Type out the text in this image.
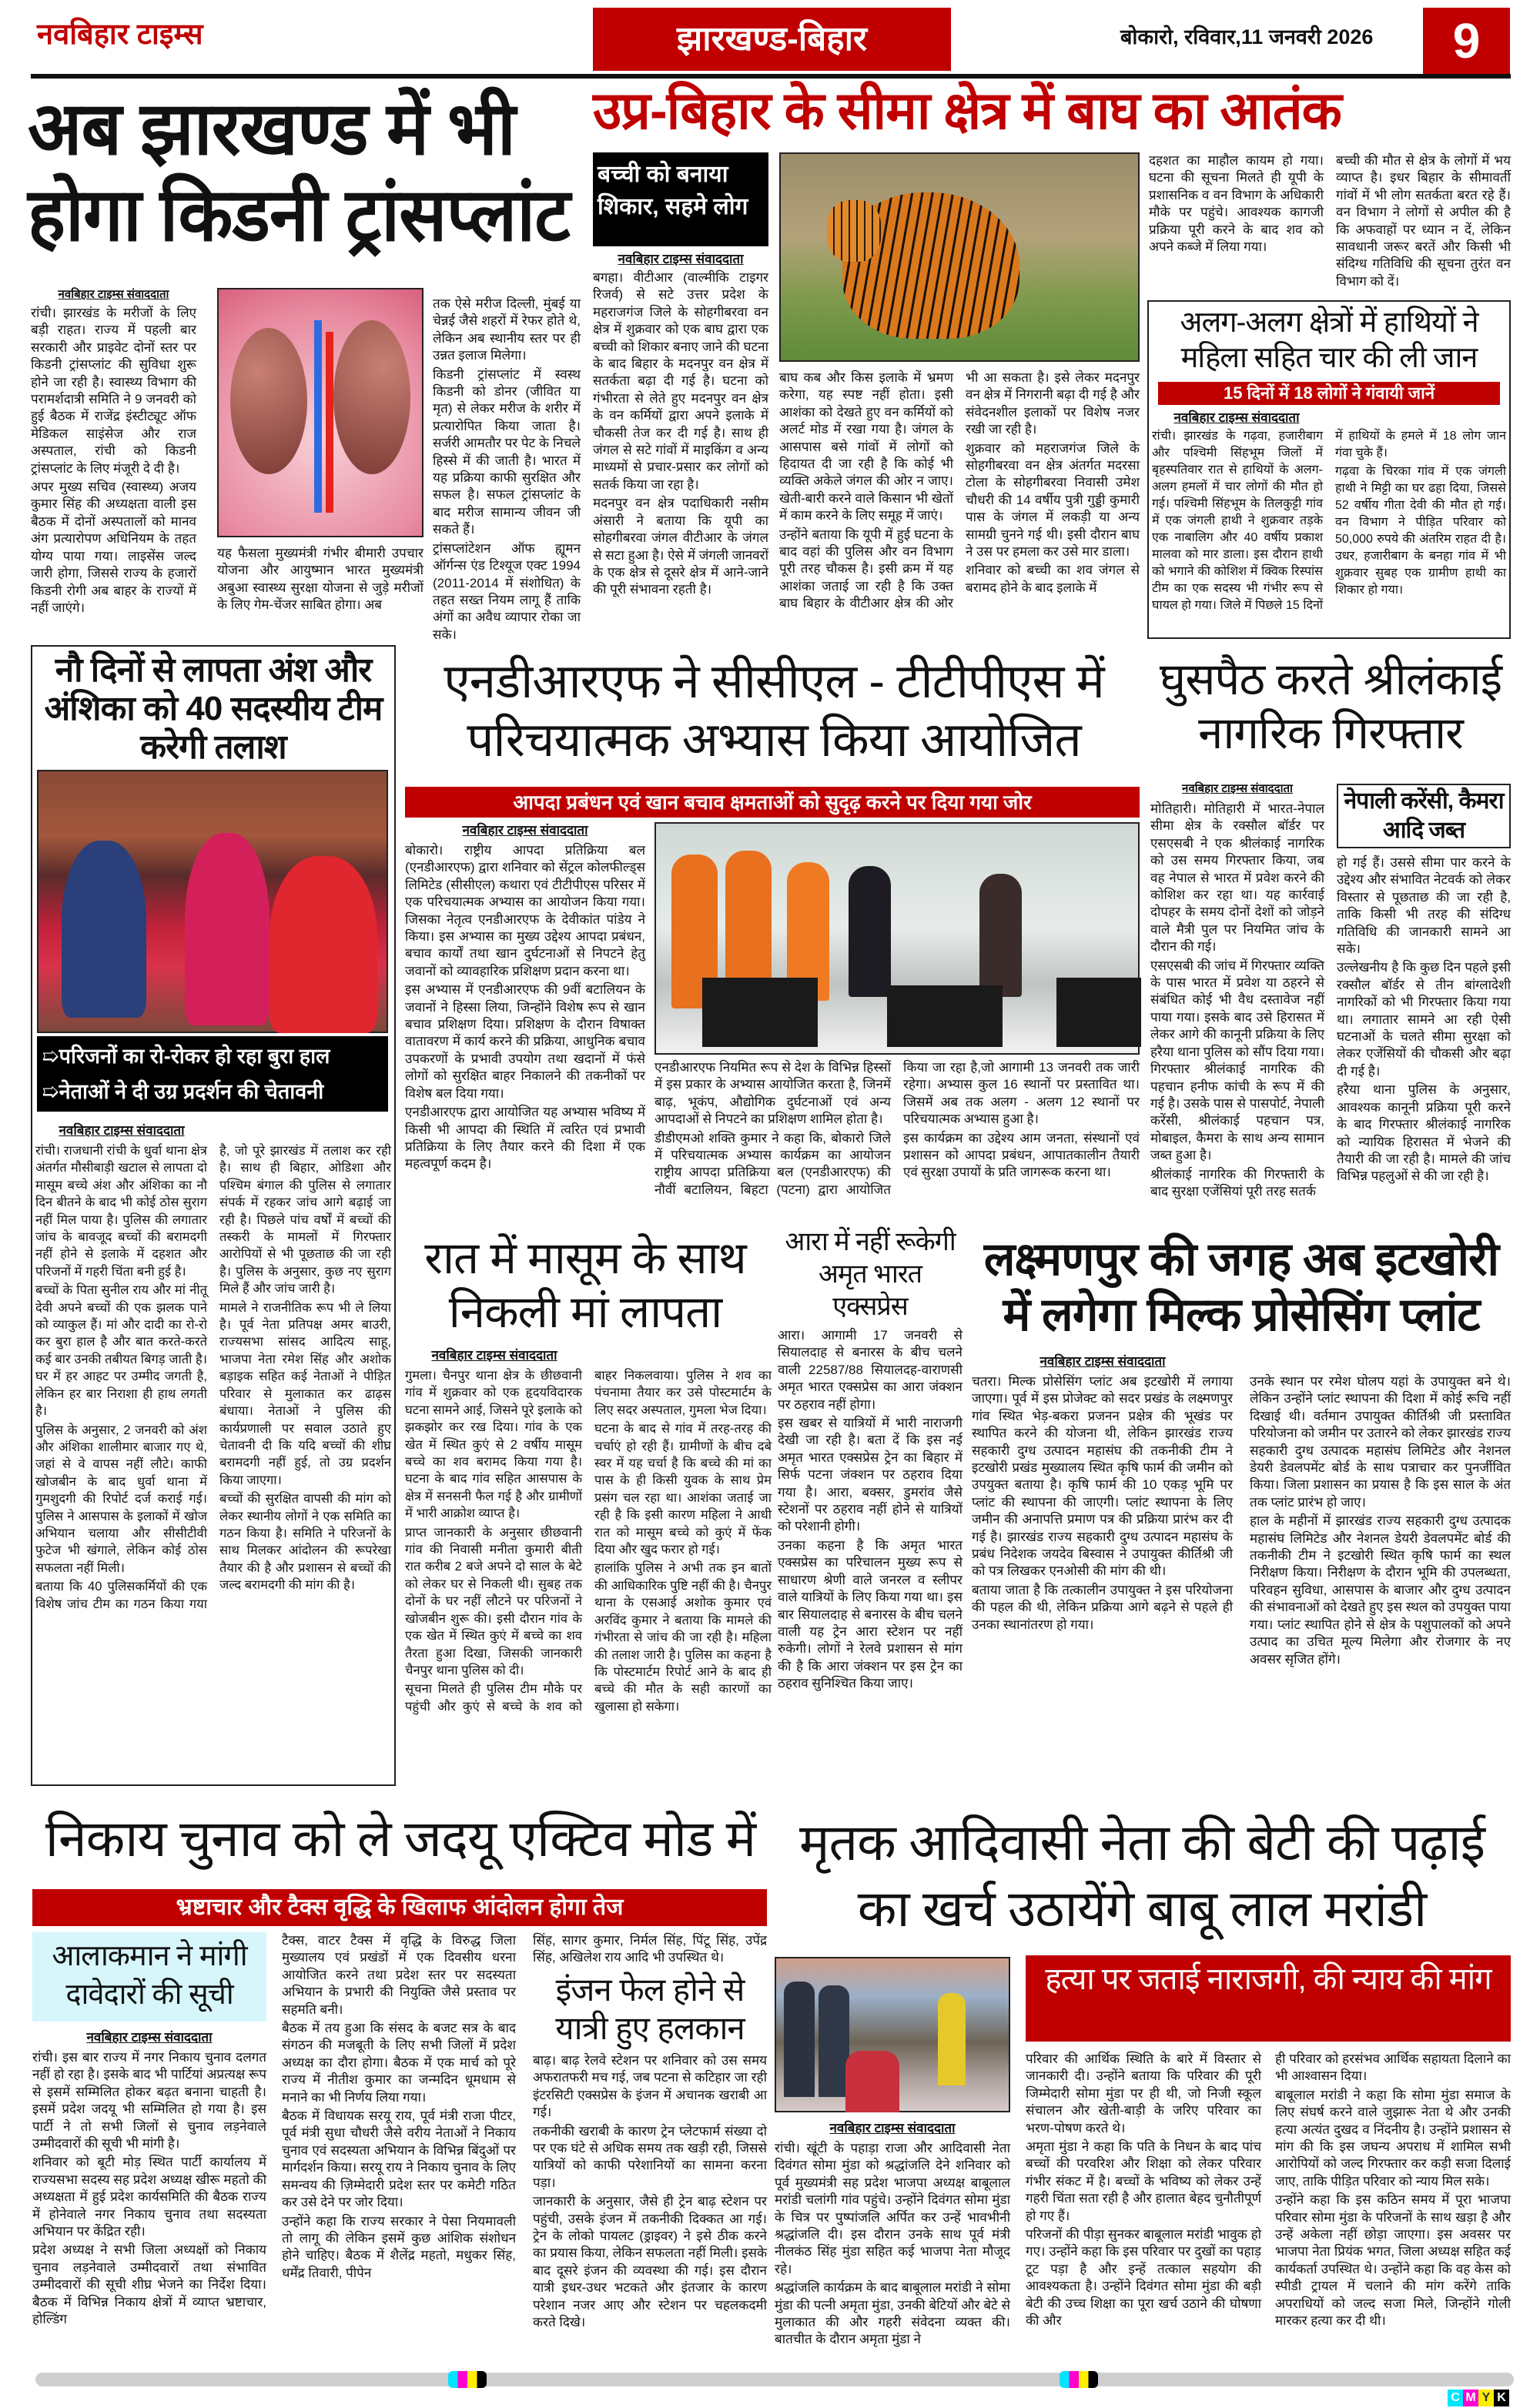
नवबिहार टाइम्स	झारखण्ड-बिहार	बोकारो, रविवार,11 जनवरी 2026	9
अब झारखण्ड में भी होगा किडनी ट्रांसप्लांट
नवबिहार टाइम्स संवाददाता

रांची। झारखंड के मरीजों के लिए बड़ी राहत। राज्य में पहली बार सरकारी और प्राइवेट दोनों स्तर पर किडनी ट्रांसप्लांट की सुविधा शुरू होने जा रही है। स्वास्थ्य विभाग की परामर्शदात्री समिति ने 9 जनवरी को हुई बैठक में राजेंद्र इंस्टीट्यूट ऑफ मेडिकल साइंसेज और राज अस्पताल, रांची को किडनी ट्रांसप्लांट के लिए मंजूरी दे दी है।

अपर मुख्य सचिव (स्वास्थ्य) अजय कुमार सिंह की अध्यक्षता वाली इस बैठक में दोनों अस्पतालों को मानव अंग प्रत्यारोपण अधिनियम के तहत योग्य पाया गया। लाइसेंस जल्द जारी होगा, जिससे राज्य के हजारों किडनी रोगी अब बाहर के राज्यों में नहीं जाएंगे।

यह फैसला मुख्यमंत्री गंभीर बीमारी उपचार योजना और आयुष्मान भारत मुख्यमंत्री अबुआ स्वास्थ्य सुरक्षा योजना से जुड़े मरीजों के लिए गेम-चेंजर साबित होगा। अब

तक ऐसे मरीज दिल्ली, मुंबई या चेन्नई जैसे शहरों में रेफर होते थे, लेकिन अब स्थानीय स्तर पर ही उन्नत इलाज मिलेगा।

किडनी ट्रांसप्लांट में स्वस्थ किडनी को डोनर (जीवित या मृत) से लेकर मरीज के शरीर में प्रत्यारोपित किया जाता है। सर्जरी आमतौर पर पेट के निचले हिस्से में की जाती है। भारत में यह प्रक्रिया काफी सुरक्षित और सफल है। सफल ट्रांसप्लांट के बाद मरीज सामान्य जीवन जी सकते हैं।

ट्रांसप्लांटेशन ऑफ ह्यूमन ऑर्गन्स एंड टिश्यूज एक्ट 1994 (2011-2014 में संशोधित) के तहत सख्त नियम लागू हैं ताकि अंगों का अवैध व्यापार रोका जा सके।

उप्र-बिहार के सीमा क्षेत्र में बाघ का आतंक
बच्ची को बनाया शिकार, सहमे लोग
नवबिहार टाइम्स संवाददाता

बगहा। वीटीआर (वाल्मीकि टाइगर रिजर्व) से सटे उत्तर प्रदेश के महराजगंज जिले के सोहगीबरवा वन क्षेत्र में शुक्रवार को एक बाघ द्वारा एक बच्ची को शिकार बनाए जाने की घटना के बाद बिहार के मदनपुर वन क्षेत्र में सतर्कता बढ़ा दी गई है। घटना को गंभीरता से लेते हुए मदनपुर वन क्षेत्र के वन कर्मियों द्वारा अपने इलाके में चौकसी तेज कर दी गई है। साथ ही जंगल से सटे गांवों में माइकिंग व अन्य माध्यमों से प्रचार-प्रसार कर लोगों को सतर्क किया जा रहा है।

मदनपुर वन क्षेत्र पदाधिकारी नसीम अंसारी ने बताया कि यूपी का सोहगीबरवा जंगल वीटीआर के जंगल से सटा हुआ है। ऐसे में जंगली जानवरों के एक क्षेत्र से दूसरे क्षेत्र में आने-जाने की पूरी संभावना रहती है।

बाघ कब और किस इलाके में भ्रमण करेगा, यह स्पष्ट नहीं होता। इसी आशंका को देखते हुए वन कर्मियों को अलर्ट मोड में रखा गया है। जंगल के आसपास बसे गांवों में लोगों को हिदायत दी जा रही है कि कोई भी व्यक्ति अकेले जंगल की ओर न जाए। खेती-बारी करने वाले किसान भी खेतों में काम करने के लिए समूह में जाएं।

उन्होंने बताया कि यूपी में हुई घटना के बाद वहां की पुलिस और वन विभाग पूरी तरह चौकस है। इसी क्रम में यह आशंका जताई जा रही है कि उक्त बाघ बिहार के वीटीआर क्षेत्र की ओर भी आ सकता है। इसे लेकर मदनपुर वन क्षेत्र में निगरानी बढ़ा दी गई है और संवेदनशील इलाकों पर विशेष नजर रखी जा रही है।

शुक्रवार को महराजगंज जिले के सोहगीबरवा वन क्षेत्र अंतर्गत मदरसा टोला के सोहगीबरवा निवासी उमेश चौधरी की 14 वर्षीय पुत्री गुड्डी कुमारी पास के जंगल में लकड़ी या अन्य सामग्री चुनने गई थी। इसी दौरान बाघ ने उस पर हमला कर उसे मार डाला।

शनिवार को बच्ची का शव जंगल से बरामद होने के बाद इलाके में

दहशत का माहौल कायम हो गया। घटना की सूचना मिलते ही यूपी के प्रशासनिक व वन विभाग के अधिकारी मौके पर पहुंचे। आवश्यक कागजी प्रक्रिया पूरी करने के बाद शव को अपने कब्जे में लिया गया।

बच्ची की मौत से क्षेत्र के लोगों में भय व्याप्त है। इधर बिहार के सीमावर्ती गांवों में भी लोग सतर्कता बरत रहे हैं। वन विभाग ने लोगों से अपील की है कि अफवाहों पर ध्यान न दें, लेकिन सावधानी जरूर बरतें और किसी भी संदिग्ध गतिविधि की सूचना तुरंत वन विभाग को दें।

अलग-अलग क्षेत्रों में हाथियों ने महिला सहित चार की ली जान
15 दिनों में 18 लोगों ने गंवायी जानें
नवबिहार टाइम्स संवाददाता

रांची। झारखंड के गढ़वा, हजारीबाग और पश्चिमी सिंहभूम जिलों में बृहस्पतिवार रात से हाथियों के अलग-अलग हमलों में चार लोगों की मौत हो गई। पश्चिमी सिंहभूम के तिलकुट्टी गांव में एक जंगली हाथी ने शुक्रवार तड़के एक नाबालिग और 40 वर्षीय प्रकाश मालवा को मार डाला। इस दौरान हाथी को भगाने की कोशिश में क्विक रिस्पांस टीम का एक सदस्य भी गंभीर रूप से घायल हो गया। जिले में पिछले 15 दिनों में हाथियों के हमले में 18 लोग जान गंवा चुके हैं।

गढ़वा के चिरका गांव में एक जंगली हाथी ने मिट्टी का घर ढहा दिया, जिससे 52 वर्षीय गीता देवी की मौत हो गई। वन विभाग ने पीड़ित परिवार को 50,000 रुपये की अंतरिम राहत दी है। उधर, हजारीबाग के बनहा गांव में भी शुक्रवार सुबह एक ग्रामीण हाथी का शिकार हो गया।

नौ दिनों से लापता अंश और अंशिका को 40 सदस्यीय टीम करेगी तलाश
➯परिजनों का रो-रोकर हो रहा बुरा हाल
➯नेताओं ने दी उग्र प्रदर्शन की चेतावनी
नवबिहार टाइम्स संवाददाता

रांची। राजधानी रांची के धुर्वा थाना क्षेत्र अंतर्गत मौसीबाड़ी खटाल से लापता दो मासूम बच्चे अंश और अंशिका का नौ दिन बीतने के बाद भी कोई ठोस सुराग नहीं मिल पाया है। पुलिस की लगातार जांच के बावजूद बच्चों की बरामदगी नहीं होने से इलाके में दहशत और परिजनों में गहरी चिंता बनी हुई है।

बच्चों के पिता सुनील राय और मां नीतू देवी अपने बच्चों की एक झलक पाने को व्याकुल हैं। मां और दादी का रो-रो कर बुरा हाल है और बात करते-करते कई बार उनकी तबीयत बिगड़ जाती है। घर में हर आहट पर उम्मीद जगती है, लेकिन हर बार निराशा ही हाथ लगती है।

पुलिस के अनुसार, 2 जनवरी को अंश और अंशिका शालीमार बाजार गए थे, जहां से वे वापस नहीं लौटे। काफी खोजबीन के बाद धुर्वा थाना में गुमशुदगी की रिपोर्ट दर्ज कराई गई। पुलिस ने आसपास के इलाकों में खोज अभियान चलाया और सीसीटीवी फुटेज भी खंगाले, लेकिन कोई ठोस सफलता नहीं मिली।

बताया कि 40 पुलिसकर्मियों की एक विशेष जांच टीम का गठन किया गया है, जो पूरे झारखंड में तलाश कर रही है। साथ ही बिहार, ओडिशा और पश्चिम बंगाल की पुलिस से लगातार संपर्क में रहकर जांच आगे बढ़ाई जा रही है। पिछले पांच वर्षों में बच्चों की तस्करी के मामलों में गिरफ्तार आरोपियों से भी पूछताछ की जा रही है। पुलिस के अनुसार, कुछ नए सुराग मिले हैं और जांच जारी है।

मामले ने राजनीतिक रूप भी ले लिया है। पूर्व नेता प्रतिपक्ष अमर बाउरी, राज्यसभा सांसद आदित्य साहू, भाजपा नेता रमेश सिंह और अशोक बड़ाइक सहित कई नेताओं ने पीड़ित परिवार से मुलाकात कर ढाढ़स बंधाया। नेताओं ने पुलिस की कार्यप्रणाली पर सवाल उठाते हुए चेतावनी दी कि यदि बच्चों की शीघ्र बरामदगी नहीं हुई, तो उग्र प्रदर्शन किया जाएगा।

बच्चों की सुरक्षित वापसी की मांग को लेकर स्थानीय लोगों ने एक समिति का गठन किया है। समिति ने परिजनों के साथ मिलकर आंदोलन की रूपरेखा तैयार की है और प्रशासन से बच्चों की जल्द बरामदगी की मांग की है।

एनडीआरएफ ने सीसीएल - टीटीपीएस में परिचयात्मक अभ्यास किया आयोजित
आपदा प्रबंधन एवं खान बचाव क्षमताओं को सुदृढ़ करने पर दिया गया जोर
नवबिहार टाइम्स संवाददाता

बोकारो। राष्ट्रीय आपदा प्रतिक्रिया बल (एनडीआरएफ) द्वारा शनिवार को सेंट्रल कोलफील्ड्स लिमिटेड (सीसीएल) कथारा एवं टीटीपीएस परिसर में एक परिचयात्मक अभ्यास का आयोजन किया गया। जिसका नेतृत्व एनडीआरएफ के देवीकांत पांडेय ने किया। इस अभ्यास का मुख्य उद्देश्य आपदा प्रबंधन, बचाव कार्यों तथा खान दुर्घटनाओं से निपटने हेतु जवानों को व्यावहारिक प्रशिक्षण प्रदान करना था।

इस अभ्यास में एनडीआरएफ की 9वीं बटालियन के जवानों ने हिस्सा लिया, जिन्होंने विशेष रूप से खान बचाव प्रशिक्षण दिया। प्रशिक्षण के दौरान विषाक्त वातावरण में कार्य करने की प्रक्रिया, आधुनिक बचाव उपकरणों के प्रभावी उपयोग तथा खदानों में फंसे लोगों को सुरक्षित बाहर निकालने की तकनीकों पर विशेष बल दिया गया।

एनडीआरएफ द्वारा आयोजित यह अभ्यास भविष्य में किसी भी आपदा की स्थिति में त्वरित एवं प्रभावी प्रतिक्रिया के लिए तैयार करने की दिशा में एक महत्वपूर्ण कदम है।

एनडीआरएफ नियमित रूप से देश के विभिन्न हिस्सों में इस प्रकार के अभ्यास आयोजित करता है, जिनमें बाढ़, भूकंप, औद्योगिक दुर्घटनाओं एवं अन्य आपदाओं से निपटने का प्रशिक्षण शामिल होता है।

डीडीएमओ शक्ति कुमार ने कहा कि, बोकारो जिले में परिचयात्मक अभ्यास कार्यक्रम का आयोजन राष्ट्रीय आपदा प्रतिक्रिया बल (एनडीआरएफ) की नौवीं बटालियन, बिहटा (पटना) द्वारा आयोजित किया जा रहा है,जो आगामी 13 जनवरी तक जारी रहेगा। अभ्यास कुल 16 स्थानों पर प्रस्तावित था। जिसमें अब तक अलग - अलग 12 स्थानों पर परिचयात्मक अभ्यास हुआ है।

इस कार्यक्रम का उद्देश्य आम जनता, संस्थानों एवं प्रशासन को आपदा प्रबंधन, आपातकालीन तैयारी एवं सुरक्षा उपायों के प्रति जागरूक करना था।

घुसपैठ करते श्रीलंकाई नागरिक गिरफ्तार
नवबिहार टाइम्स संवाददाता

मोतिहारी। मोतिहारी में भारत-नेपाल सीमा क्षेत्र के रक्सौल बॉर्डर पर एसएसबी ने एक श्रीलंकाई नागरिक को उस समय गिरफ्तार किया, जब वह नेपाल से भारत में प्रवेश करने की कोशिश कर रहा था। यह कार्रवाई दोपहर के समय दोनों देशों को जोड़ने वाले मैत्री पुल पर नियमित जांच के दौरान की गई।

एसएसबी की जांच में गिरफ्तार व्यक्ति के पास भारत में प्रवेश या ठहरने से संबंधित कोई भी वैध दस्तावेज नहीं पाया गया। इसके बाद उसे हिरासत में लेकर आगे की कानूनी प्रक्रिया के लिए हरैया थाना पुलिस को सौंप दिया गया। गिरफ्तार श्रीलंकाई नागरिक की पहचान हनीफ कांची के रूप में की गई है। उसके पास से पासपोर्ट, नेपाली करेंसी, श्रीलंकाई पहचान पत्र, मोबाइल, कैमरा के साथ अन्य सामान जब्त हुआ है।

श्रीलंकाई नागरिक की गिरफ्तारी के बाद सुरक्षा एजेंसियां पूरी तरह सतर्क

नेपाली करेंसी, कैमरा आदि जब्त

हो गई हैं। उससे सीमा पार करने के उद्देश्य और संभावित नेटवर्क को लेकर विस्तार से पूछताछ की जा रही है, ताकि किसी भी तरह की संदिग्ध गतिविधि की जानकारी सामने आ सके।

उल्लेखनीय है कि कुछ दिन पहले इसी रक्सौल बॉर्डर से तीन बांग्लादेशी नागरिकों को भी गिरफ्तार किया गया था। लगातार सामने आ रही ऐसी घटनाओं के चलते सीमा सुरक्षा को लेकर एजेंसियों की चौकसी और बढ़ा दी गई है।

हरैया थाना पुलिस के अनुसार, आवश्यक कानूनी प्रक्रिया पूरी करने के बाद गिरफ्तार श्रीलंकाई नागरिक को न्यायिक हिरासत में भेजने की तैयारी की जा रही है। मामले की जांच विभिन्न पहलुओं से की जा रही है।

रात में मासूम के साथ निकली मां लापता
नवबिहार टाइम्स संवाददाता

गुमला। चैनपुर थाना क्षेत्र के छीछवानी गांव में शुक्रवार को एक हृदयविदारक घटना सामने आई, जिसने पूरे इलाके को झकझोर कर रख दिया। गांव के एक खेत में स्थित कुएं से 2 वर्षीय मासूम बच्चे का शव बरामद किया गया है। घटना के बाद गांव सहित आसपास के क्षेत्र में सनसनी फैल गई है और ग्रामीणों में भारी आक्रोश व्याप्त है।

प्राप्त जानकारी के अनुसार छीछवानी गांव की निवासी मनीता कुमारी बीती रात करीब 2 बजे अपने दो साल के बेटे को लेकर घर से निकली थी। सुबह तक दोनों के घर नहीं लौटने पर परिजनों ने खोजबीन शुरू की। इसी दौरान गांव के एक खेत में स्थित कुएं में बच्चे का शव तैरता हुआ दिखा, जिसकी जानकारी चैनपुर थाना पुलिस को दी।

सूचना मिलते ही पुलिस टीम मौके पर पहुंची और कुएं से बच्चे के शव को बाहर निकलवाया। पुलिस ने शव का पंचनामा तैयार कर उसे पोस्टमार्टम के लिए सदर अस्पताल, गुमला भेज दिया।

घटना के बाद से गांव में तरह-तरह की चर्चाएं हो रही हैं। ग्रामीणों के बीच दबे स्वर में यह चर्चा है कि बच्चे की मां का पास के ही किसी युवक के साथ प्रेम प्रसंग चल रहा था। आशंका जताई जा रही है कि इसी कारण महिला ने आधी रात को मासूम बच्चे को कुएं में फेंक दिया और खुद फरार हो गई।

हालांकि पुलिस ने अभी तक इन बातों की आधिकारिक पुष्टि नहीं की है। चैनपुर थाना के एसआई अशोक कुमार एवं अरविंद कुमार ने बताया कि मामले की गंभीरता से जांच की जा रही है। महिला की तलाश जारी है। पुलिस का कहना है कि पोस्टमार्टम रिपोर्ट आने के बाद ही बच्चे की मौत के सही कारणों का खुलासा हो सकेगा।

आरा में नहीं रूकेगी अमृत भारत एक्सप्रेस

आरा। आगामी 17 जनवरी से सियालदाह से बनारस के बीच चलने वाली 22587/88 सियालदह-वाराणसी अमृत भारत एक्सप्रेस का आरा जंक्शन पर ठहराव नहीं होगा।

इस खबर से यात्रियों में भारी नाराजगी देखी जा रही है। बता दें कि इस नई अमृत भारत एक्सप्रेस ट्रेन का बिहार में सिर्फ पटना जंक्शन पर ठहराव दिया गया है। आरा, बक्सर, डुमरांव जैसे स्टेशनों पर ठहराव नहीं होने से यात्रियों को परेशानी होगी।

उनका कहना है कि अमृत भारत एक्सप्रेस का परिचालन मुख्य रूप से साधारण श्रेणी वाले जनरल व स्लीपर वाले यात्रियों के लिए किया गया था। इस बार सियालदाह से बनारस के बीच चलने वाली यह ट्रेन आरा स्टेशन पर नहीं रुकेगी। लोगों ने रेलवे प्रशासन से मांग की है कि आरा जंक्शन पर इस ट्रेन का ठहराव सुनिश्चित किया जाए।

लक्ष्मणपुर की जगह अब इटखोरी में लगेगा मिल्क प्रोसेसिंग प्लांट
नवबिहार टाइम्स संवाददाता

चतरा। मिल्क प्रोसेसिंग प्लांट अब इटखोरी में लगाया जाएगा। पूर्व में इस प्रोजेक्ट को सदर प्रखंड के लक्ष्मणपुर गांव स्थित भेड़-बकरा प्रजनन प्रक्षेत्र की भूखंड पर स्थापित करने की योजना थी, लेकिन झारखंड राज्य सहकारी दुग्ध उत्पादन महासंघ की तकनीकी टीम ने इटखोरी प्रखंड मुख्यालय स्थित कृषि फार्म की जमीन को उपयुक्त बताया है। कृषि फार्म की 10 एकड़ भूमि पर प्लांट की स्थापना की जाएगी। प्लांट स्थापना के लिए जमीन की अनापत्ति प्रमाण पत्र की प्रक्रिया प्रारंभ कर दी गई है। झारखंड राज्य सहकारी दुग्ध उत्पादन महासंघ के प्रबंध निदेशक जयदेव बिस्वास ने उपायुक्त कीर्तिश्री जी को पत्र लिखकर एनओसी की मांग की थी।

बताया जाता है कि तत्कालीन उपायुक्त ने इस परियोजना की पहल की थी, लेकिन प्रक्रिया आगे बढ़ने से पहले ही उनका स्थानांतरण हो गया।

उनके स्थान पर रमेश घोलप यहां के उपायुक्त बने थे। लेकिन उन्होंने प्लांट स्थापना की दिशा में कोई रूचि नहीं दिखाई थी। वर्तमान उपायुक्त कीर्तिश्री जी प्रस्तावित परियोजना को जमीन पर उतारने को लेकर झारखंड राज्य सहकारी दुग्ध उत्पादक महासंघ लिमिटेड और नेशनल डेयरी डेवलपमेंट बोर्ड के साथ पत्राचार कर पुनर्जीवित किया। जिला प्रशासन का प्रयास है कि इस साल के अंत तक प्लांट प्रारंभ हो जाए।

हाल के महीनों में झारखंड राज्य सहकारी दुग्ध उत्पादक महासंघ लिमिटेड और नेशनल डेयरी डेवलपमेंट बोर्ड की तकनीकी टीम ने इटखोरी स्थित कृषि फार्म का स्थल निरीक्षण किया। निरीक्षण के दौरान भूमि की उपलब्धता, परिवहन सुविधा, आसपास के बाजार और दुग्ध उत्पादन की संभावनाओं को देखते हुए इस स्थल को उपयुक्त पाया गया। प्लांट स्थापित होने से क्षेत्र के पशुपालकों को अपने उत्पाद का उचित मूल्य मिलेगा और रोजगार के नए अवसर सृजित होंगे।

निकाय चुनाव को ले जदयू एक्टिव मोड में
भ्रष्टाचार और टैक्स वृद्धि के खिलाफ आंदोलन होगा तेज
आलाकमान ने मांगी दावेदारों की सूची
नवबिहार टाइम्स संवाददाता

रांची। इस बार राज्य में नगर निकाय चुनाव दलगत नहीं हो रहा है। इसके बाद भी पार्टियां अप्रत्यक्ष रूप से इसमें सम्मिलित होकर बढ़त बनाना चाहती है। इसमें प्रदेश जदयू भी सम्मिलित हो गया है। इस पार्टी ने तो सभी जिलों से चुनाव लड़नेवाले उम्मीदवारों की सूची भी मांगी है।

शनिवार को बूटी मोड़ स्थित पार्टी कार्यालय में राज्यसभा सदस्य सह प्रदेश अध्यक्ष खीरू महतो की अध्यक्षता में हुई प्रदेश कार्यसमिति की बैठक राज्य में होनेवाले नगर निकाय चुनाव तथा सदस्यता अभियान पर केंद्रित रही।

प्रदेश अध्यक्ष ने सभी जिला अध्यक्षों को निकाय चुनाव लड़नेवाले उम्मीदवारों तथा संभावित उम्मीदवारों की सूची शीघ्र भेजने का निर्देश दिया। बैठक में विभिन्न निकाय क्षेत्रों में व्याप्त भ्रष्टाचार, होल्डिंग

टैक्स, वाटर टैक्स में वृद्धि के विरुद्ध जिला मुख्यालय एवं प्रखंडों में एक दिवसीय धरना आयोजित करने तथा प्रदेश स्तर पर सदस्यता अभियान के प्रभारी की नियुक्ति जैसे प्रस्ताव पर सहमति बनी।

बैठक में तय हुआ कि संसद के बजट सत्र के बाद संगठन की मजबूती के लिए सभी जिलों में प्रदेश अध्यक्ष का दौरा होगा। बैठक में एक मार्च को पूरे राज्य में नीतीश कुमार का जन्मदिन धूमधाम से मनाने का भी निर्णय लिया गया।

बैठक में विधायक सरयू राय, पूर्व मंत्री राजा पीटर, पूर्व मंत्री सुधा चौधरी जैसे वरीय नेताओं ने निकाय चुनाव एवं सदस्यता अभियान के विभिन्न बिंदुओं पर मार्गदर्शन किया। सरयू राय ने निकाय चुनाव के लिए समन्वय की ज़िम्मेदारी प्रदेश स्तर पर कमेटी गठित कर उसे देने पर जोर दिया।

उन्होंने कहा कि राज्य सरकार ने पेसा नियमावली तो लागू की लेकिन इसमें कुछ आंशिक संशोधन होने चाहिए। बैठक में शैलेंद्र महतो, मधुकर सिंह, धर्मेंद्र तिवारी, पीपेन

सिंह, सागर कुमार, निर्मल सिंह, पिंटू सिंह, उपेंद्र सिंह, अखिलेश राय आदि भी उपस्थित थे।

इंजन फेल होने से यात्री हुए हलकान

बाढ़। बाढ़ रेलवे स्टेशन पर शनिवार को उस समय अफरातफरी मच गई, जब पटना से कटिहार जा रही इंटरसिटी एक्सप्रेस के इंजन में अचानक खराबी आ गई।

तकनीकी खराबी के कारण ट्रेन प्लेटफार्म संख्या दो पर एक घंटे से अधिक समय तक खड़ी रही, जिससे यात्रियों को काफी परेशानियों का सामना करना पड़ा।

जानकारी के अनुसार, जैसे ही ट्रेन बाढ़ स्टेशन पर पहुंची, उसके इंजन में तकनीकी दिक्कत आ गई। ट्रेन के लोको पायलट (ड्राइवर) ने इसे ठीक करने का प्रयास किया, लेकिन सफलता नहीं मिली। इसके बाद दूसरे इंजन की व्यवस्था की गई। इस दौरान यात्री इधर-उधर भटकते और इंतजार के कारण परेशान नजर आए और स्टेशन पर चहलकदमी करते दिखे।

मृतक आदिवासी नेता की बेटी की पढ़ाई का खर्च उठायेंगे बाबू लाल मरांडी
नवबिहार टाइम्स संवाददाता

रांची। खूंटी के पहाड़ा राजा और आदिवासी नेता दिवंगत सोमा मुंडा को श्रद्धांजलि देने शनिवार को पूर्व मुख्यमंत्री सह प्रदेश भाजपा अध्यक्ष बाबूलाल मरांडी चलांगी गांव पहुंचे। उन्होंने दिवंगत सोमा मुंडा के चित्र पर पुष्पांजलि अर्पित कर उन्हें भावभीनी श्रद्धांजलि दी। इस दौरान उनके साथ पूर्व मंत्री नीलकंठ सिंह मुंडा सहित कई भाजपा नेता मौजूद रहे।

श्रद्धांजलि कार्यक्रम के बाद बाबूलाल मरांडी ने सोमा मुंडा की पत्नी अमृता मुंडा, उनकी बेटियों और बेटे से मुलाकात की और गहरी संवेदना व्यक्त की। बातचीत के दौरान अमृता मुंडा ने

हत्या पर जताई नाराजगी, की न्याय की मांग

परिवार की आर्थिक स्थिति के बारे में विस्तार से जानकारी दी। उन्होंने बताया कि परिवार की पूरी जिम्मेदारी सोमा मुंडा पर ही थी, जो निजी स्कूल संचालन और खेती-बाड़ी के जरिए परिवार का भरण-पोषण करते थे।

अमृता मुंडा ने कहा कि पति के निधन के बाद पांच बच्चों की परवरिश और शिक्षा को लेकर परिवार गंभीर संकट में है। बच्चों के भविष्य को लेकर उन्हें गहरी चिंता सता रही है और हालात बेहद चुनौतीपूर्ण हो गए हैं।

परिजनों की पीड़ा सुनकर बाबूलाल मरांडी भावुक हो गए। उन्होंने कहा कि इस परिवार पर दुखों का पहाड़ टूट पड़ा है और इन्हें तत्काल सहयोग की आवश्यकता है। उन्होंने दिवंगत सोमा मुंडा की बड़ी बेटी की उच्च शिक्षा का पूरा खर्च उठाने की घोषणा की और

ही परिवार को हरसंभव आर्थिक सहायता दिलाने का भी आश्वासन दिया।

बाबूलाल मरांडी ने कहा कि सोमा मुंडा समाज के लिए संघर्ष करने वाले जुझारू नेता थे और उनकी हत्या अत्यंत दुखद व निंदनीय है। उन्होंने प्रशासन से मांग की कि इस जघन्य अपराध में शामिल सभी आरोपियों को जल्द गिरफ्तार कर कड़ी सजा दिलाई जाए, ताकि पीड़ित परिवार को न्याय मिल सके।

उन्होंने कहा कि इस कठिन समय में पूरा भाजपा परिवार सोमा मुंडा के परिजनों के साथ खड़ा है और उन्हें अकेला नहीं छोड़ा जाएगा। इस अवसर पर भाजपा नेता प्रियंक भगत, जिला अध्यक्ष सहित कई कार्यकर्ता उपस्थित थे। उन्होंने कहा कि वह केस को स्पीडी ट्रायल में चलाने की मांग करेंगे ताकि अपराधियों को जल्द सजा मिले, जिन्होंने गोली मारकर हत्या कर दी थी।

C M Y K
